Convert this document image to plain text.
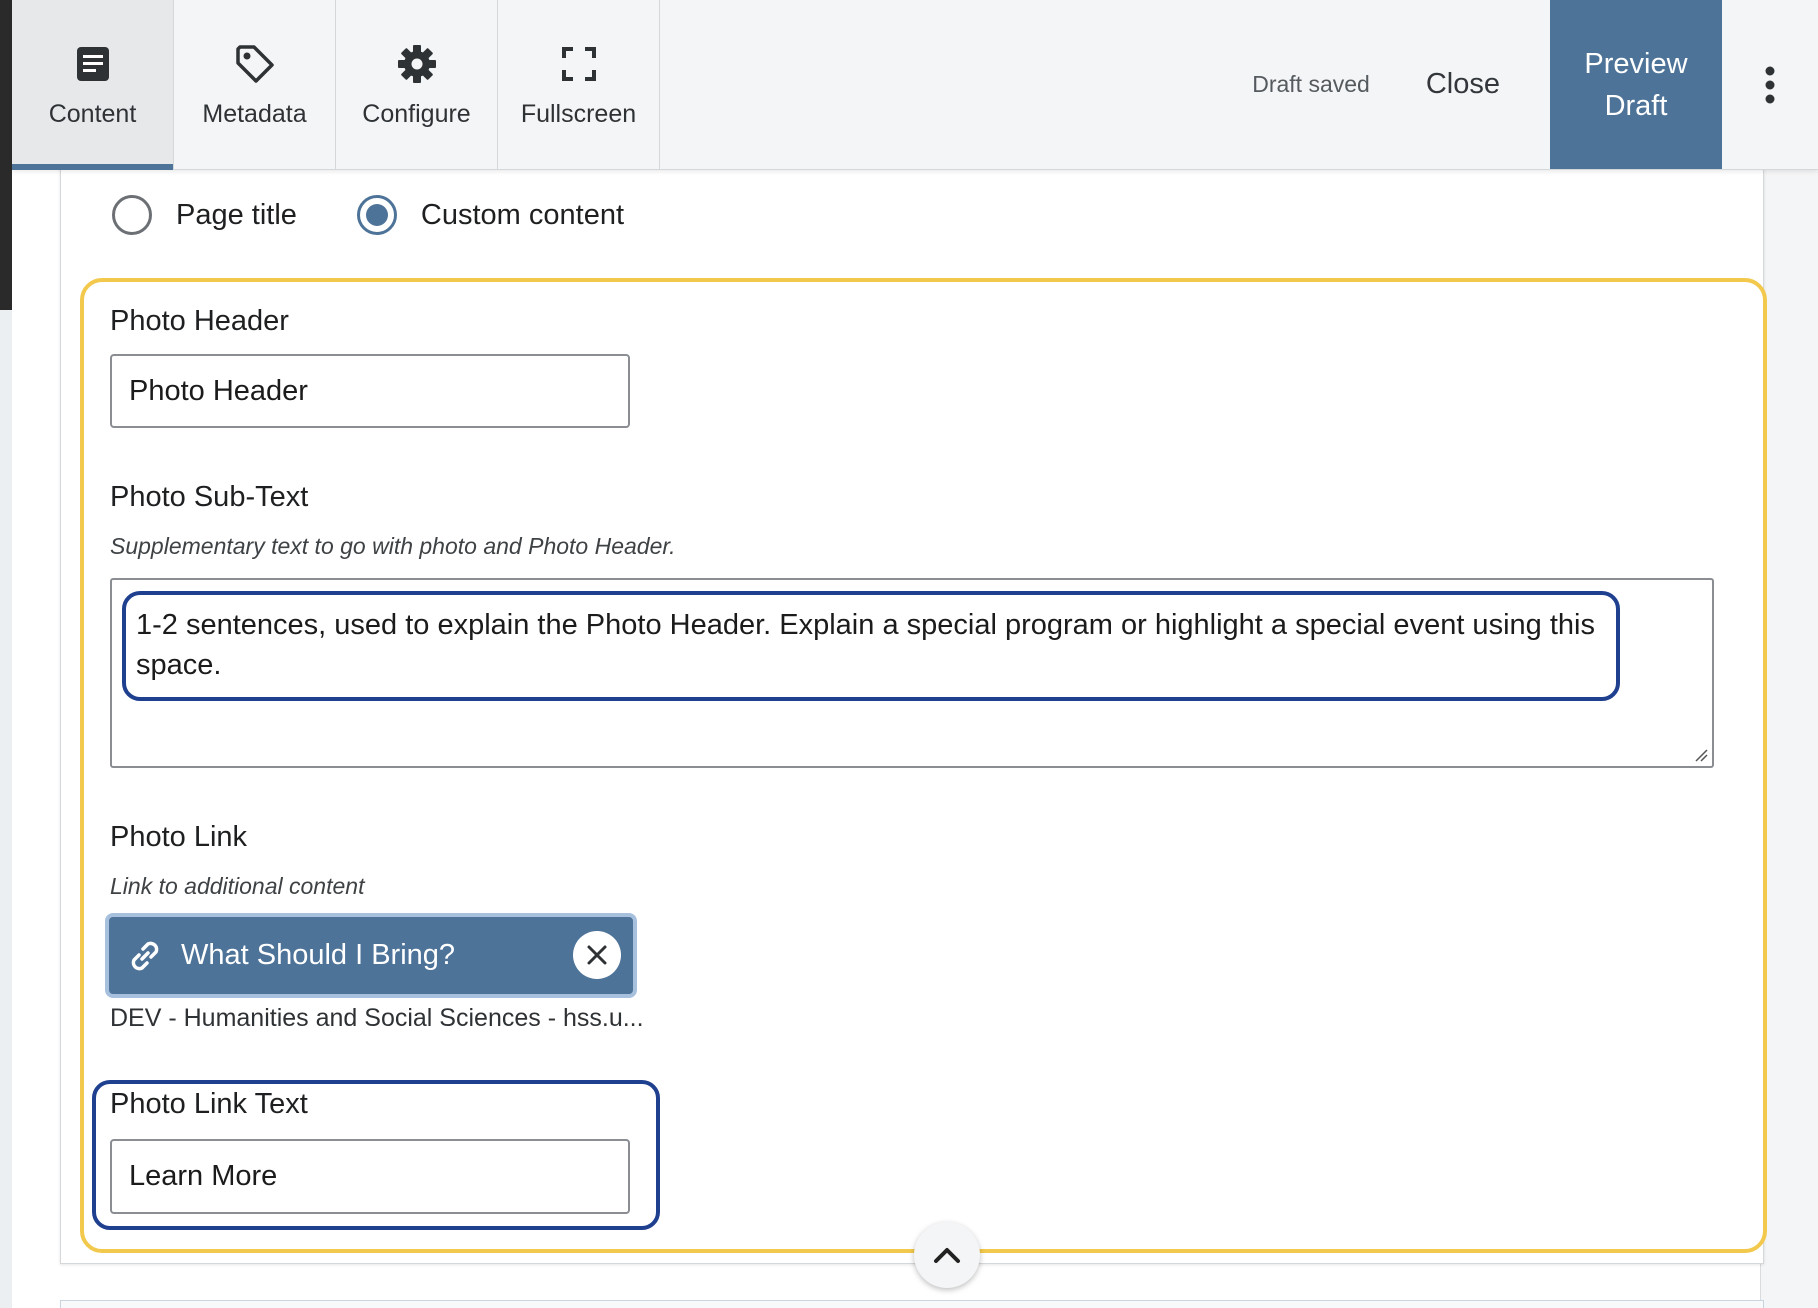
Content	Metadata Configure Fullscreen
Draft saved	Close
Preview
Draft
Page title	Custom content
Photo Header
Photo Header
Photo Sub-Text
Supplementary text to go with photo and Photo Header.
1-2 sentences, used to explain the Photo Header. Explain a special program or highlight a special event using this space.
Photo Link
Link to additional content
What Should I Bring?
DEV - Humanities and Social Sciences - hss.u...
Photo Link Text
Learn More
